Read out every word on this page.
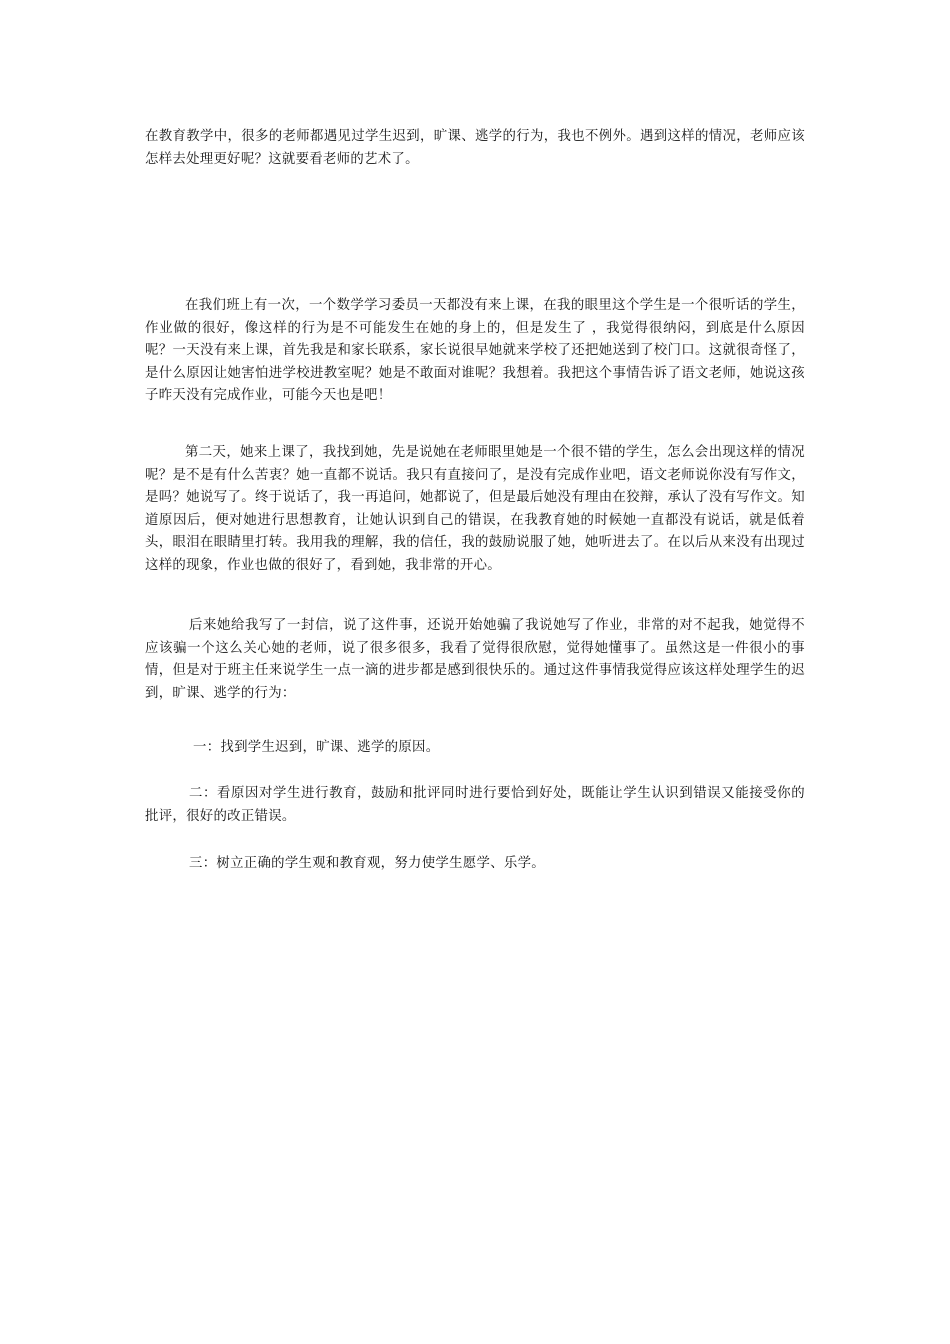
在教育教学中，很多的老师都遇见过学生迟到，旷课、逃学的行为，我也不例外。遇到这样的情况，老师应该怎样去处理更好呢？这就要看老师的艺术了。

在我们班上有一次，一个数学学习委员一天都没有来上课，在我的眼里这个学生是一个很听话的学生，作业做的很好，像这样的行为是不可能发生在她的身上的，但是发生了 ，我觉得很纳闷，到底是什么原因呢？一天没有来上课，首先我是和家长联系，家长说很早她就来学校了还把她送到了校门口。这就很奇怪了，是什么原因让她害怕进学校进教室呢？她是不敢面对谁呢？我想着。我把这个事情告诉了语文老师，她说这孩子昨天没有完成作业，可能今天也是吧！

第二天，她来上课了，我找到她，先是说她在老师眼里她是一个很不错的学生，怎么会出现这样的情况呢？是不是有什么苦衷？她一直都不说话。我只有直接问了，是没有完成作业吧，语文老师说你没有写作文，是吗？她说写了。终于说话了，我一再追问，她都说了，但是最后她没有理由在狡辩，承认了没有写作文。知道原因后，便对她进行思想教育，让她认识到自己的错误，在我教育她的时候她一直都没有说话，就是低着头，眼泪在眼睛里打转。我用我的理解，我的信任，我的鼓励说服了她，她听进去了。在以后从来没有出现过这样的现象，作业也做的很好了，看到她，我非常的开心。

后来她给我写了一封信，说了这件事，还说开始她骗了我说她写了作业，非常的对不起我，她觉得不应该骗一个这么关心她的老师，说了很多很多，我看了觉得很欣慰，觉得她懂事了。虽然这是一件很小的事情，但是对于班主任来说学生一点一滴的进步都是感到很快乐的。通过这件事情我觉得应该这样处理学生的迟到，旷课、逃学的行为：

一：找到学生迟到，旷课、逃学的原因。

二：看原因对学生进行教育，鼓励和批评同时进行要恰到好处，既能让学生认识到错误又能接受你的批评，很好的改正错误。

三：树立正确的学生观和教育观，努力使学生愿学、乐学。
